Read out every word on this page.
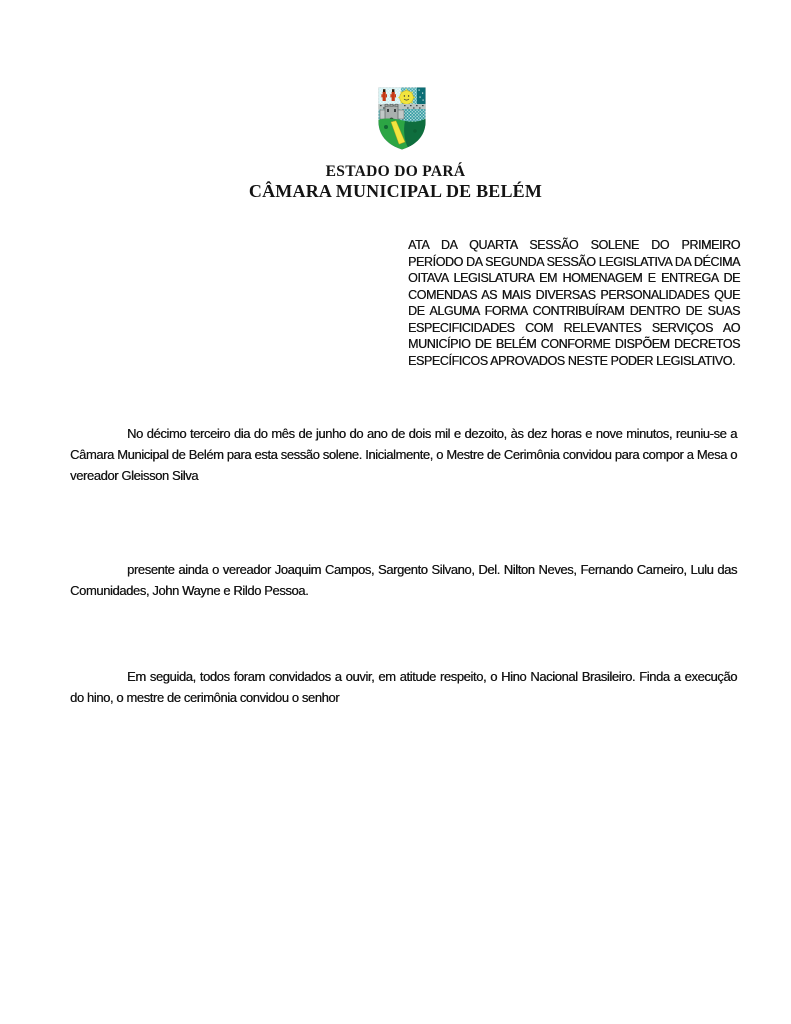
ESTADO DO PARÁ
CÂMARA MUNICIPAL DE BELÉM
ATA DA QUARTA SESSÃO SOLENE DO PRIMEIRO PERÍODO DA SEGUNDA SESSÃO LEGISLATIVA DA DÉCIMA OITAVA LEGISLATURA EM HOMENAGEM E ENTREGA DE COMENDAS AS MAIS DIVERSAS PERSONALIDADES QUE DE ALGUMA FORMA CONTRIBUÍRAM DENTRO DE SUAS ESPECIFICIDADES COM RELEVANTES SERVIÇOS AO MUNICÍPIO DE BELÉM CONFORME DISPÕEM DECRETOS ESPECÍFICOS APROVADOS NESTE PODER LEGISLATIVO.

No décimo terceiro dia do mês de junho do ano de dois mil e dezoito, às dez horas e nove minutos, reuniu-se a Câmara Municipal de Belém para esta sessão solene. Inicialmente, o Mestre de Cerimônia convidou para compor a Mesa o vereador Gleisson Silva

presente ainda o vereador Joaquim Campos, Sargento Silvano, Del. Nilton Neves, Fernando Carneiro, Lulu das Comunidades, John Wayne e Rildo Pessoa.

Em seguida, todos foram convidados a ouvir, em atitude respeito, o Hino Nacional Brasileiro. Finda a execução do hino, o mestre de cerimônia convidou o senhor
